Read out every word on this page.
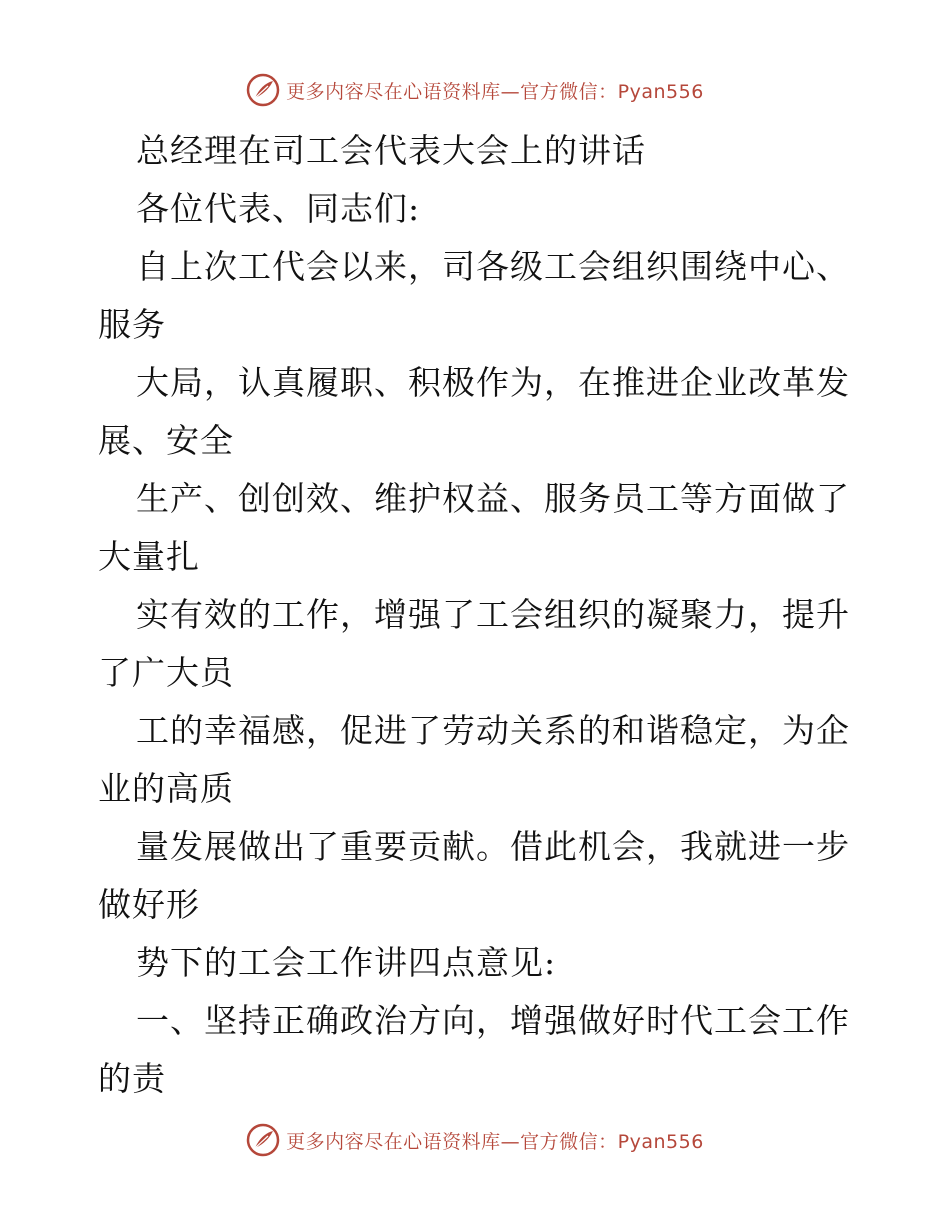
更多内容尽在心语资料库—官方微信：Pyan556
总经理在司工会代表大会上的讲话
各位代表、同志们:
自上次工代会以来，司各级工会组织围绕中心、
服务
大局，认真履职、积极作为，在推进企业改革发
展、安全
生产、创创效、维护权益、服务员工等方面做了
大量扎
实有效的工作，增强了工会组织的凝聚力，提升
了广大员
工的幸福感，促进了劳动关系的和谐稳定，为企
业的高质
量发展做出了重要贡献。借此机会，我就进一步
做好形
势下的工会工作讲四点意见:
一、坚持正确政治方向，增强做好时代工会工作
的责
更多内容尽在心语资料库—官方微信：Pyan556
